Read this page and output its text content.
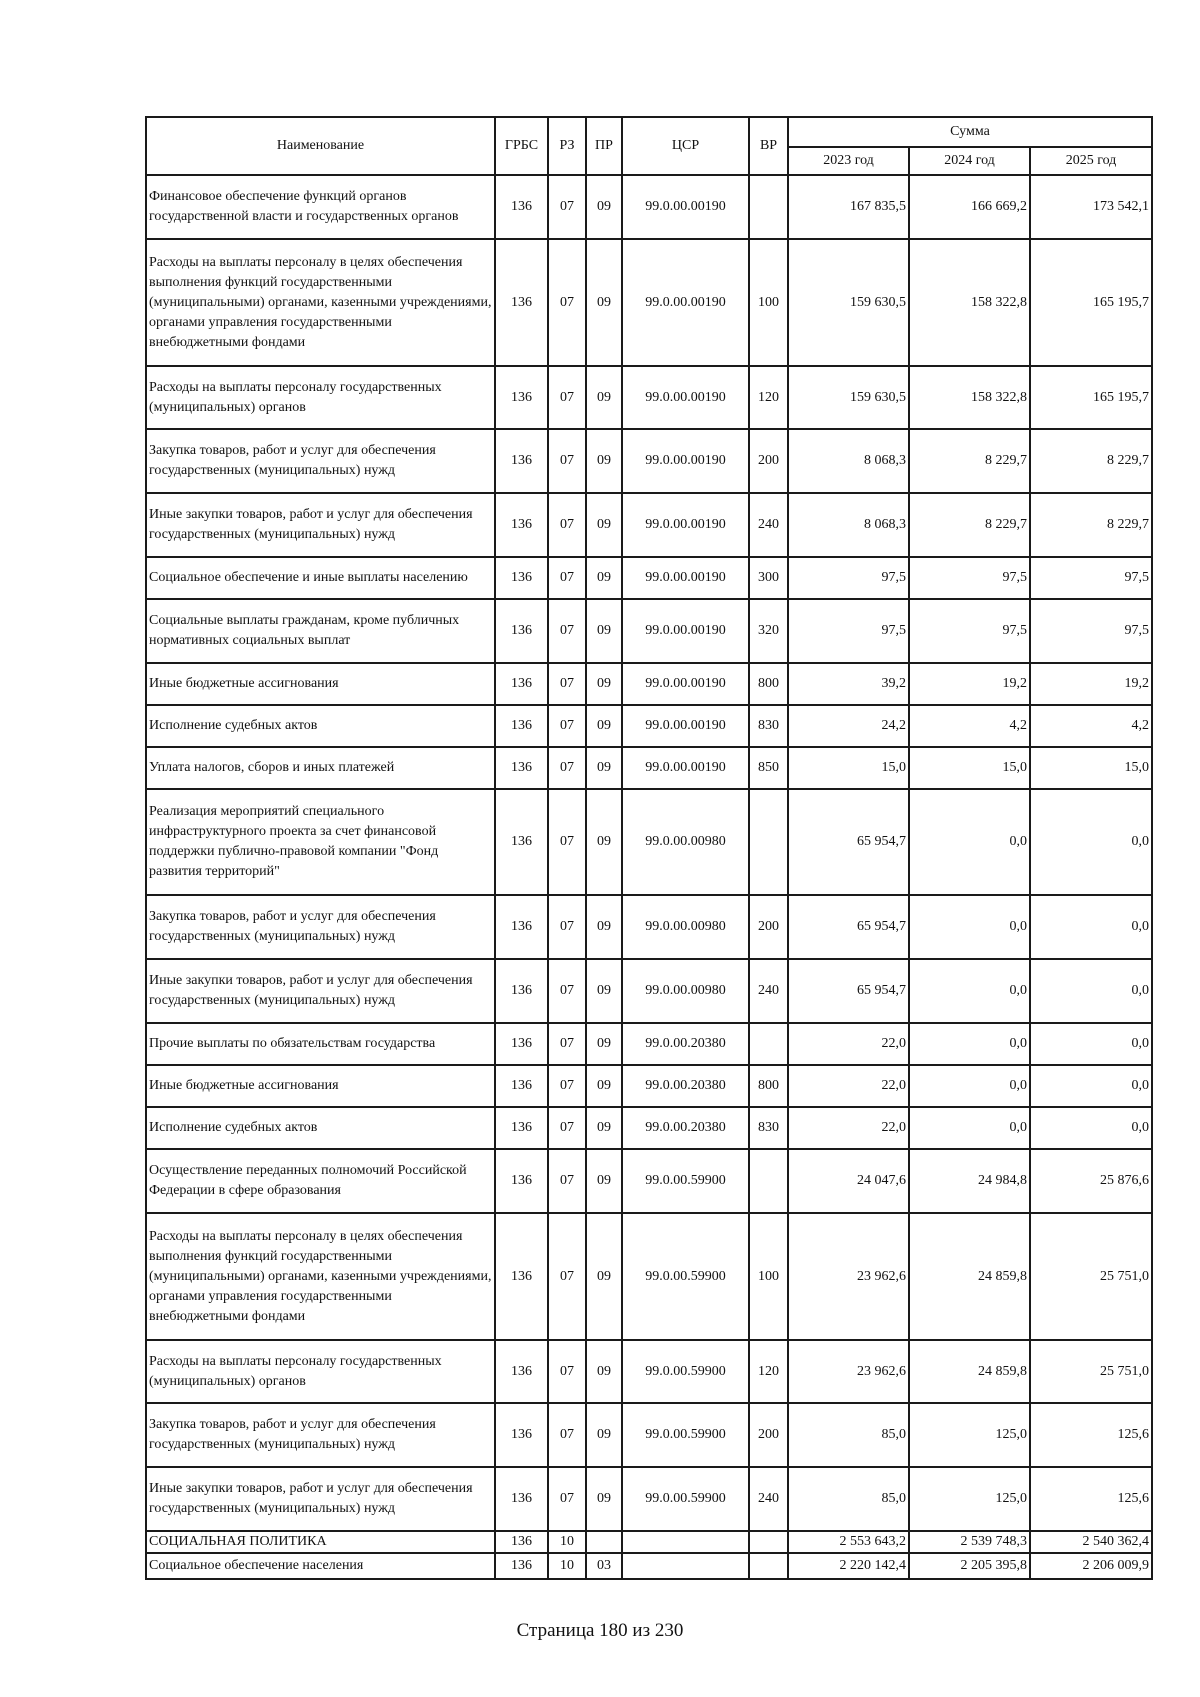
Наименование	ГРБС	РЗ	ПР	ЦСР	ВР	Сумма		
						2023 год	2024 год	2025 год
Финансовое обеспечение функций органов государственной власти и государственных органов	136	07	09	99.0.00.00190		167 835,5	166 669,2	173 542,1
Расходы на выплаты персоналу в целях обеспечения выполнения функций государственными (муниципальными) органами, казенными учреждениями, органами управления государственными внебюджетными фондами	136	07	09	99.0.00.00190	100	159 630,5	158 322,8	165 195,7
Расходы на выплаты персоналу государственных (муниципальных) органов	136	07	09	99.0.00.00190	120	159 630,5	158 322,8	165 195,7
Закупка товаров, работ и услуг для обеспечения государственных (муниципальных) нужд	136	07	09	99.0.00.00190	200	8 068,3	8 229,7	8 229,7
Иные закупки товаров, работ и услуг для обеспечения государственных (муниципальных) нужд	136	07	09	99.0.00.00190	240	8 068,3	8 229,7	8 229,7
Социальное обеспечение и иные выплаты населению	136	07	09	99.0.00.00190	300	97,5	97,5	97,5
Социальные выплаты гражданам, кроме публичных нормативных социальных выплат	136	07	09	99.0.00.00190	320	97,5	97,5	97,5
Иные бюджетные ассигнования	136	07	09	99.0.00.00190	800	39,2	19,2	19,2
Исполнение судебных актов	136	07	09	99.0.00.00190	830	24,2	4,2	4,2
Уплата налогов, сборов и иных платежей	136	07	09	99.0.00.00190	850	15,0	15,0	15,0
Реализация мероприятий специального инфраструктурного проекта за счет финансовой поддержки публично-правовой компании "Фонд развития территорий"	136	07	09	99.0.00.00980		65 954,7	0,0	0,0
Закупка товаров, работ и услуг для обеспечения государственных (муниципальных) нужд	136	07	09	99.0.00.00980	200	65 954,7	0,0	0,0
Иные закупки товаров, работ и услуг для обеспечения государственных (муниципальных) нужд	136	07	09	99.0.00.00980	240	65 954,7	0,0	0,0
Прочие выплаты по обязательствам государства	136	07	09	99.0.00.20380		22,0	0,0	0,0
Иные бюджетные ассигнования	136	07	09	99.0.00.20380	800	22,0	0,0	0,0
Исполнение судебных актов	136	07	09	99.0.00.20380	830	22,0	0,0	0,0
Осуществление переданных полномочий Российской Федерации в сфере образования	136	07	09	99.0.00.59900		24 047,6	24 984,8	25 876,6
Расходы на выплаты персоналу в целях обеспечения выполнения функций государственными (муниципальными) органами, казенными учреждениями, органами управления государственными внебюджетными фондами	136	07	09	99.0.00.59900	100	23 962,6	24 859,8	25 751,0
Расходы на выплаты персоналу государственных (муниципальных) органов	136	07	09	99.0.00.59900	120	23 962,6	24 859,8	25 751,0
Закупка товаров, работ и услуг для обеспечения государственных (муниципальных) нужд	136	07	09	99.0.00.59900	200	85,0	125,0	125,6
Иные закупки товаров, работ и услуг для обеспечения государственных (муниципальных) нужд	136	07	09	99.0.00.59900	240	85,0	125,0	125,6
СОЦИАЛЬНАЯ ПОЛИТИКА	136	10				2 553 643,2	2 539 748,3	2 540 362,4
Социальное обеспечение населения	136	10	03			2 220 142,4	2 205 395,8	2 206 009,9
Страница 180 из 230
